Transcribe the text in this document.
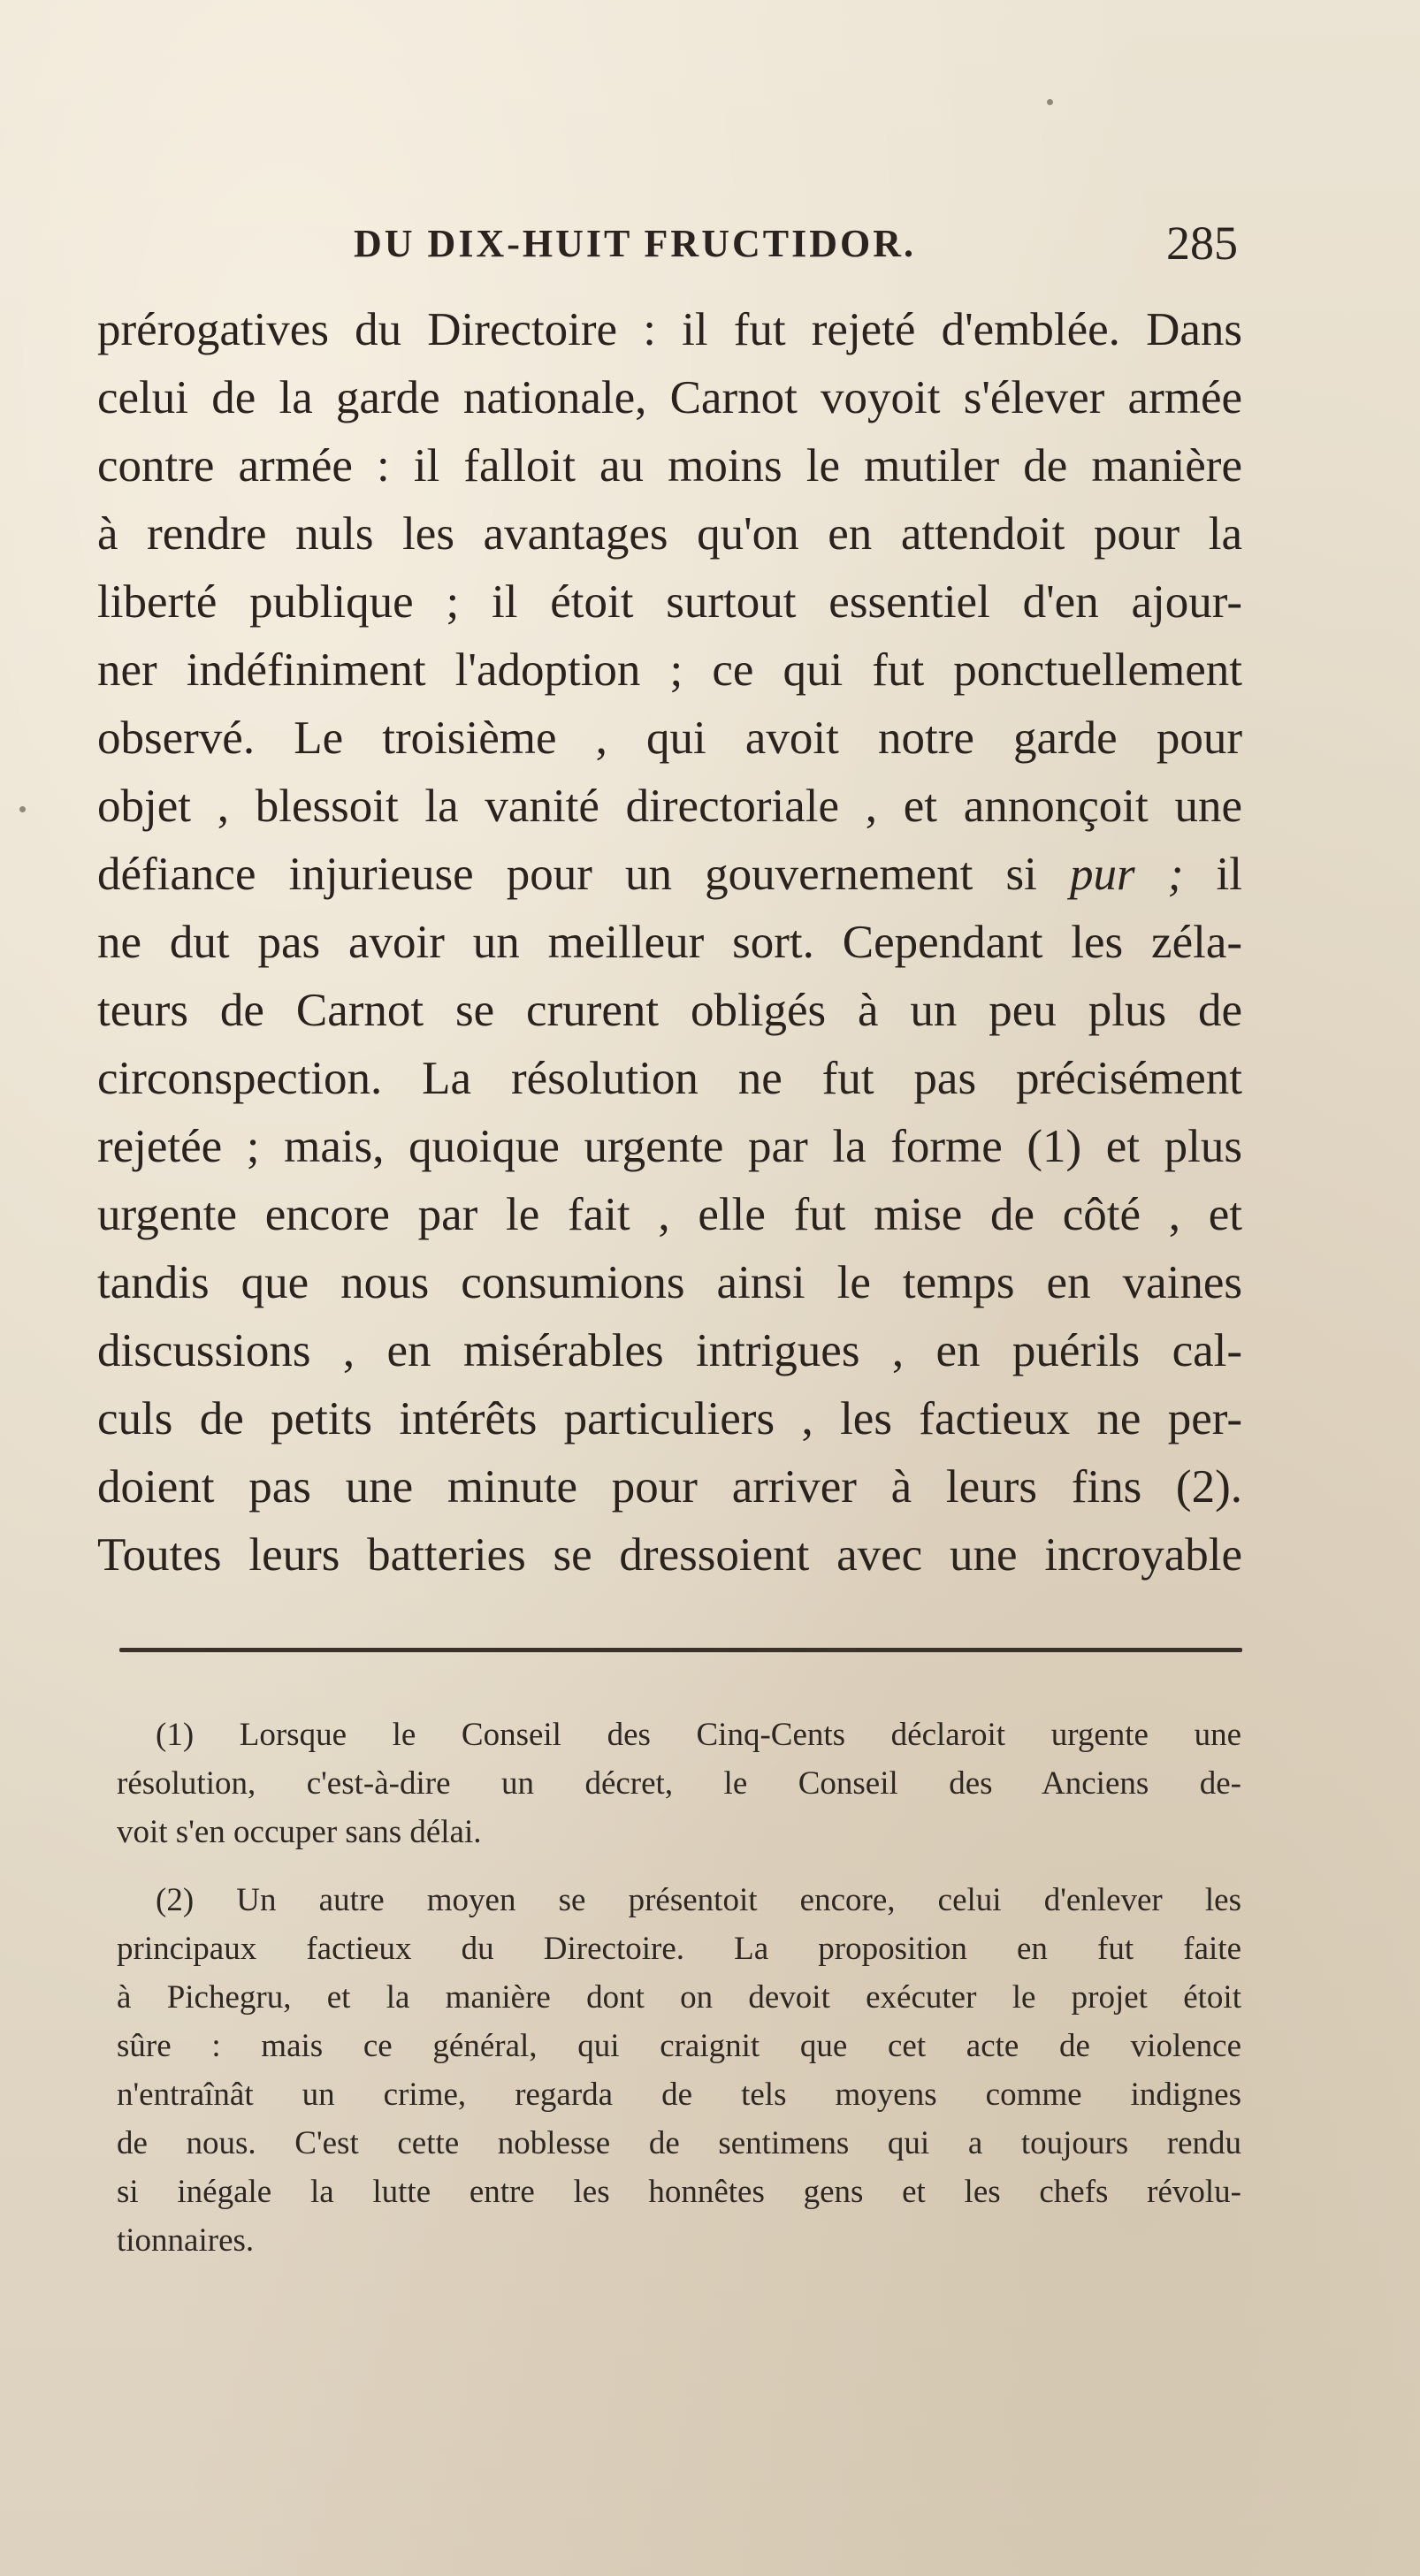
DU DIX-HUIT FRUCTIDOR.	285
prérogatives du Directoire : il fut rejeté d'emblée. Dans
celui de la garde nationale, Carnot voyoit s'élever armée
contre armée : il falloit au moins le mutiler de manière
à rendre nuls les avantages qu'on en attendoit pour la
liberté publique ; il étoit surtout essentiel d'en ajour-
ner indéfiniment l'adoption ; ce qui fut ponctuellement
observé. Le troisième , qui avoit notre garde pour
objet , blessoit la vanité directoriale , et annonçoit une
défiance injurieuse pour un gouvernement si pur ; il
ne dut pas avoir un meilleur sort. Cependant les zéla-
teurs de Carnot se crurent obligés à un peu plus de
circonspection. La résolution ne fut pas précisément
rejetée ; mais, quoique urgente par la forme (1) et plus
urgente encore par le fait , elle fut mise de côté , et
tandis que nous consumions ainsi le temps en vaines
discussions , en misérables intrigues , en puérils cal-
culs de petits intérêts particuliers , les factieux ne per-
doient pas une minute pour arriver à leurs fins (2).
Toutes leurs batteries se dressoient avec une incroyable
(1) Lorsque le Conseil des Cinq-Cents déclaroit urgente une
résolution, c'est-à-dire un décret, le Conseil des Anciens de-
voit s'en occuper sans délai.
(2) Un autre moyen se présentoit encore, celui d'enlever les
principaux factieux du Directoire. La proposition en fut faite
à Pichegru, et la manière dont on devoit exécuter le projet étoit
sûre : mais ce général, qui craignit que cet acte de violence
n'entraînât un crime, regarda de tels moyens comme indignes
de nous. C'est cette noblesse de sentimens qui a toujours rendu
si inégale la lutte entre les honnêtes gens et les chefs révolu-
tionnaires.
